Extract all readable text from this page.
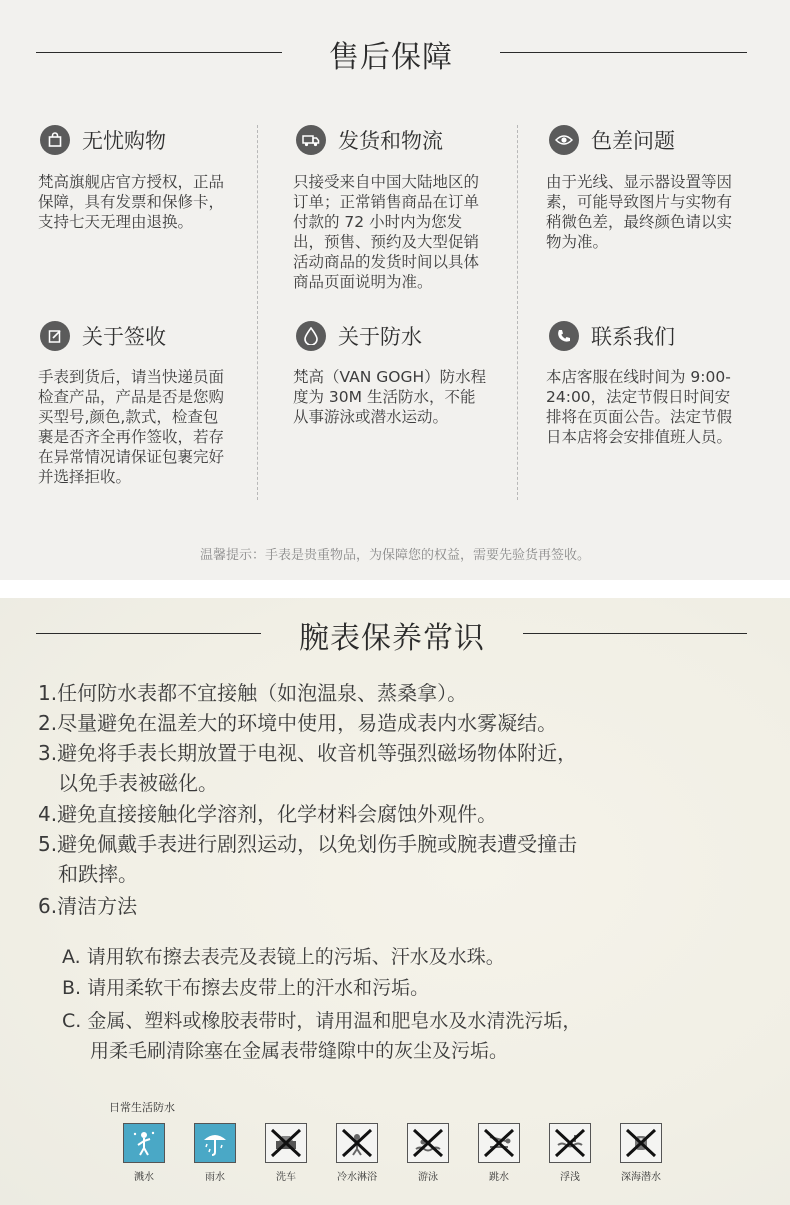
售后保障
无忧购物
梵高旗舰店官方授权，正品保障，具有发票和保修卡，支持七天无理由退换。
发货和物流
只接受来自中国大陆地区的订单；正常销售商品在订单付款的 72 小时内为您发出，预售、预约及大型促销活动商品的发货时间以具体商品页面说明为准。
色差问题
由于光线、显示器设置等因素，可能导致图片与实物有稍微色差，最终颜色请以实物为准。
关于签收
手表到货后，请当快递员面检查产品，产品是否是您购买型号,颜色,款式，检查包裹是否齐全再作签收，若存在异常情况请保证包裹完好并选择拒收。
关于防水
梵高（VAN GOGH）防水程度为 30M 生活防水，不能从事游泳或潜水运动。
联系我们
本店客服在线时间为 9:00-24:00，法定节假日时间安排将在页面公告。法定节假日本店将会安排值班人员。
温馨提示：手表是贵重物品，为保障您的权益，需要先验货再签收。
腕表保养常识
1.任何防水表都不宜接触（如泡温泉、蒸桑拿）。
2.尽量避免在温差大的环境中使用，易造成表内水雾凝结。
3.避免将手表长期放置于电视、收音机等强烈磁场物体附近，
以免手表被磁化。
4.避免直接接触化学溶剂，化学材料会腐蚀外观件。
5.避免佩戴手表进行剧烈运动，以免划伤手腕或腕表遭受撞击
和跌摔。
6.清洁方法
A. 请用软布擦去表壳及表镜上的污垢、汗水及水珠。
B. 请用柔软干布擦去皮带上的汗水和污垢。
C. 金属、塑料或橡胶表带时，请用温和肥皂水及水清洗污垢，
用柔毛刷清除塞在金属表带缝隙中的灰尘及污垢。
日常生活防水
溅水	雨水	洗车	冷水淋浴	游泳	跳水	浮浅	深海潜水
